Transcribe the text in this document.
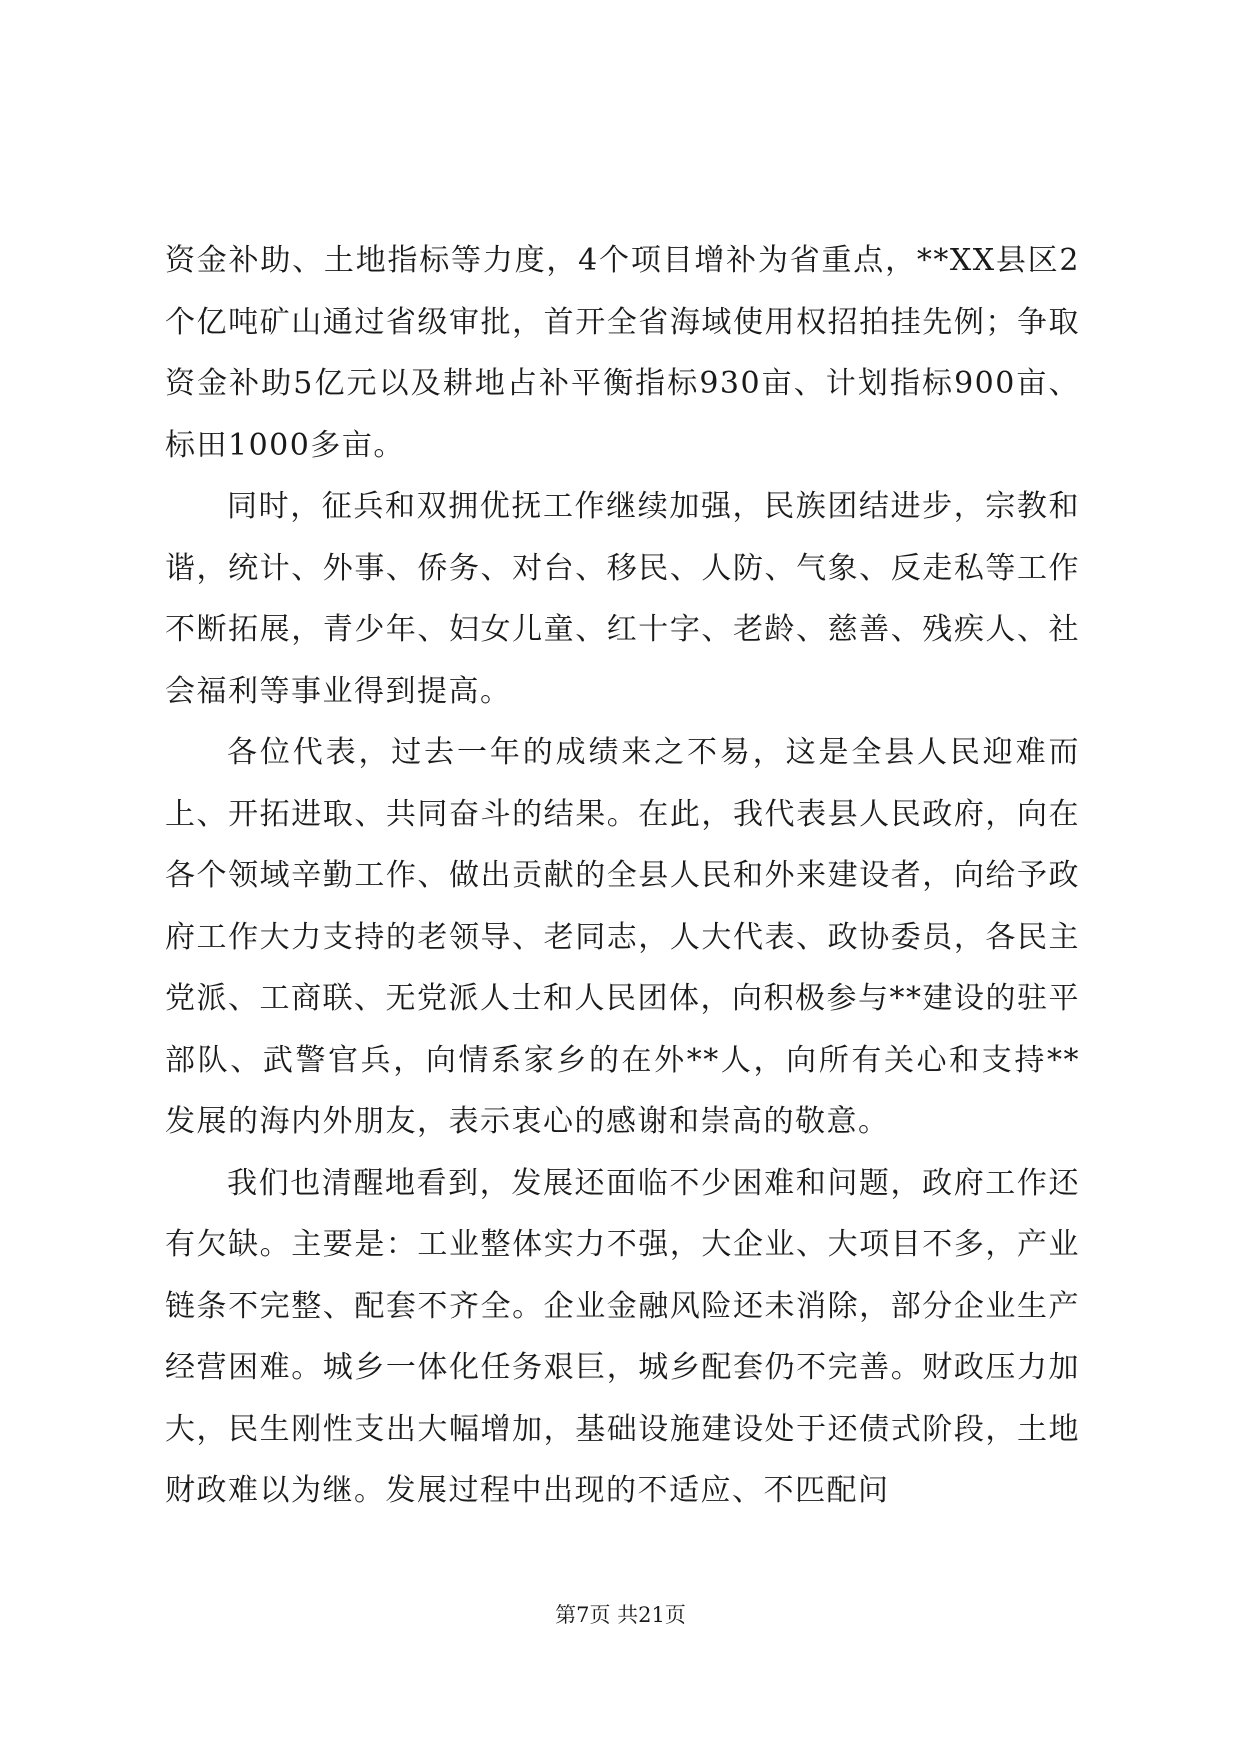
资金补助、土地指标等力度，4个项目增补为省重点，**XX县区2个亿吨矿山通过省级审批，首开全省海域使用权招拍挂先例；争取资金补助5亿元以及耕地占补平衡指标930亩、计划指标900亩、标田1000多亩。

同时，征兵和双拥优抚工作继续加强，民族团结进步，宗教和谐，统计、外事、侨务、对台、移民、人防、气象、反走私等工作不断拓展，青少年、妇女儿童、红十字、老龄、慈善、残疾人、社会福利等事业得到提高。

各位代表，过去一年的成绩来之不易，这是全县人民迎难而上、开拓进取、共同奋斗的结果。在此，我代表县人民政府，向在各个领域辛勤工作、做出贡献的全县人民和外来建设者，向给予政府工作大力支持的老领导、老同志，人大代表、政协委员，各民主党派、工商联、无党派人士和人民团体，向积极参与**建设的驻平部队、武警官兵，向情系家乡的在外**人，向所有关心和支持**发展的海内外朋友，表示衷心的感谢和崇高的敬意。

我们也清醒地看到，发展还面临不少困难和问题，政府工作还有欠缺。主要是：工业整体实力不强，大企业、大项目不多，产业链条不完整、配套不齐全。企业金融风险还未消除，部分企业生产经营困难。城乡一体化任务艰巨，城乡配套仍不完善。财政压力加大，民生刚性支出大幅增加，基础设施建设处于还债式阶段，土地财政难以为继。发展过程中出现的不适应、不匹配问

第7页 共21页
